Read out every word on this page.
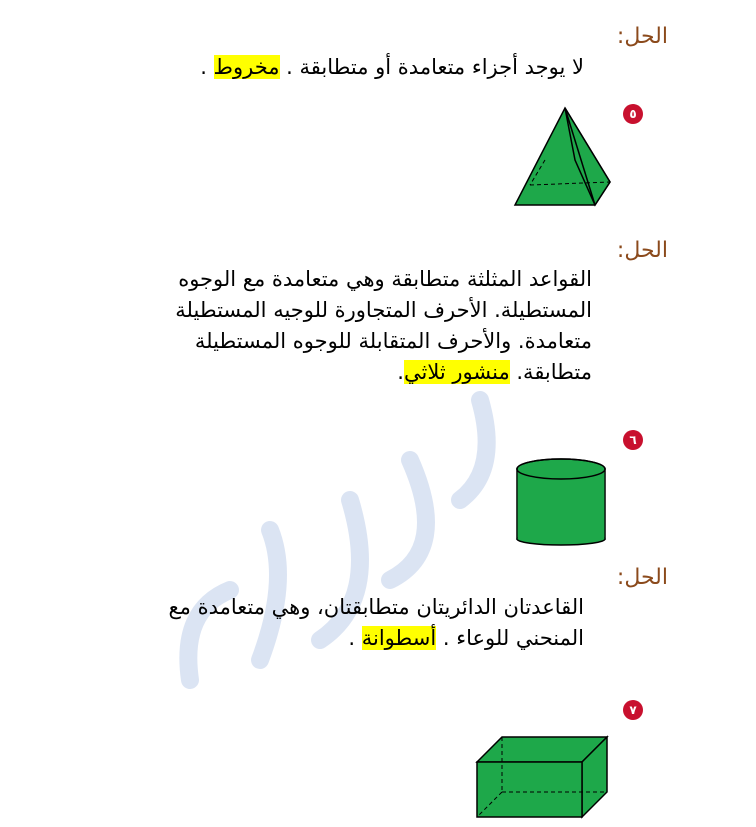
الحل:
لا يوجد أجزاء متعامدة أو متطابقة . مخروط .
٥
الحل:
القواعد المثلثة متطابقة وهي متعامدة مع الوجوه المستطيلة. الأحرف المتجاورة للوجيه المستطيلة متعامدة. والأحرف المتقابلة للوجوه المستطيلة متطابقة. منشور ثلاثي.
٦
الحل:
القاعدتان الدائريتان متطابقتان، وهي متعامدة مع المنحني للوعاء . أسطوانة .
٧
